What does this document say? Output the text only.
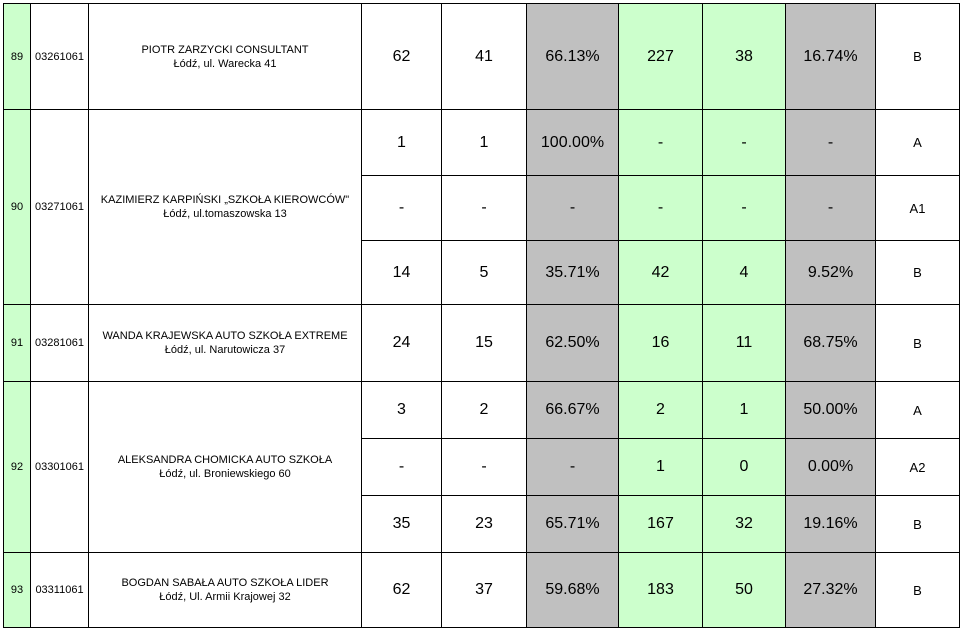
89	03261061	PIOTR ZARZYCKI CONSULTANT
Łódź, ul. Warecka 41	62	41	66.13%	227	38	16.74%	B
90	03271061	KAZIMIERZ KARPIŃSKI „SZKOŁA KIEROWCÓW"
Łódź, ul.tomaszowska 13	1	1	100.00%	-	-	-	A
			-	-	-	-	-	-	A1
			14	5	35.71%	42	4	9.52%	B
91	03281061	WANDA KRAJEWSKA AUTO SZKOŁA EXTREME
Łódź, ul. Narutowicza 37	24	15	62.50%	16	11	68.75%	B
92	03301061	ALEKSANDRA CHOMICKA AUTO SZKOŁA
Łódź, ul. Broniewskiego 60	3	2	66.67%	2	1	50.00%	A
			-	-	-	1	0	0.00%	A2
			35	23	65.71%	167	32	19.16%	B
93	03311061	BOGDAN SABAŁA AUTO SZKOŁA LIDER
Łódź, Ul. Armii Krajowej 32	62	37	59.68%	183	50	27.32%	B
